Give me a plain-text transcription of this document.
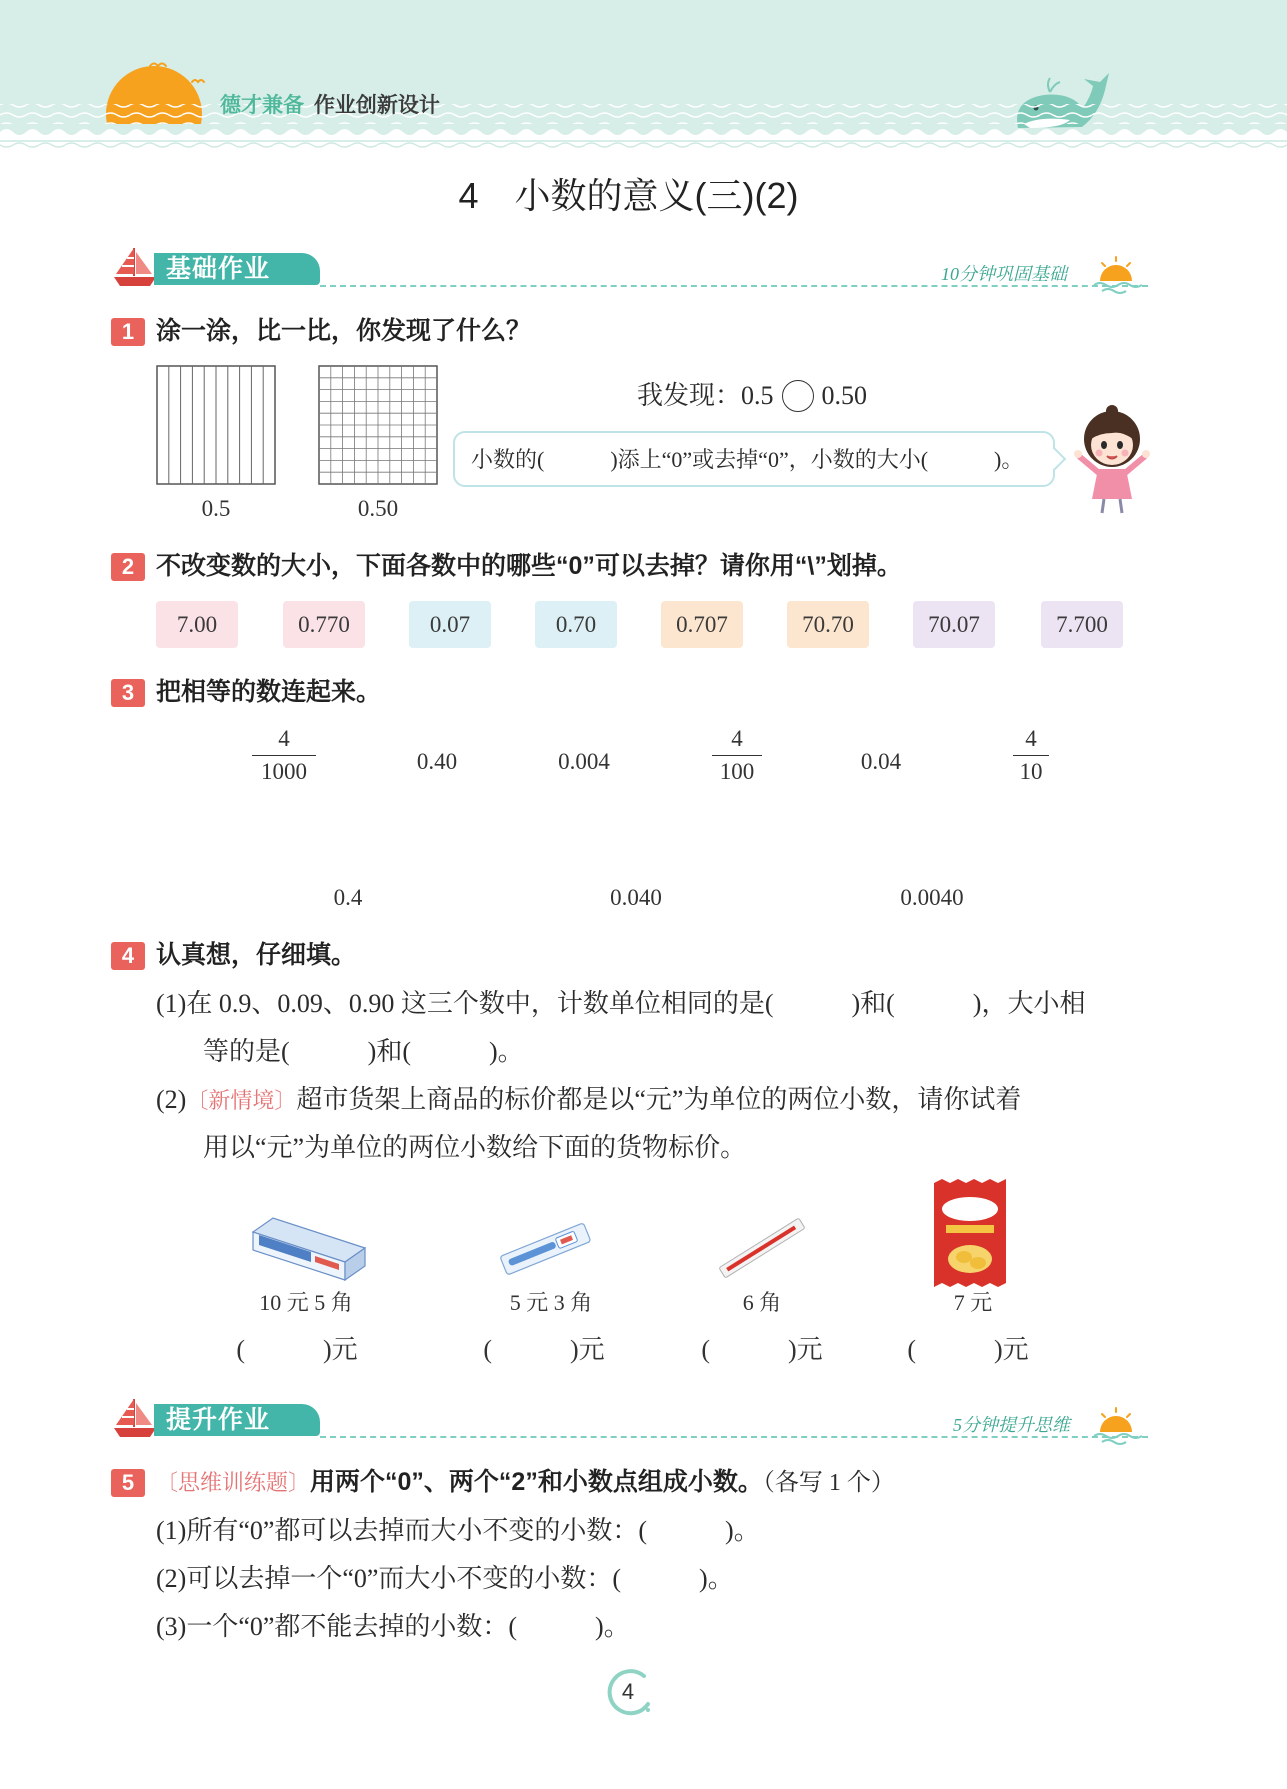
德才兼备 作业创新设计
4　小数的意义(三)(2)
基础作业	10分钟巩固基础
1 涂一涂，比一比，你发现了什么？
0.5	0.50
我发现：0.5 0.50
小数的(　　　)添上“0”或去掉“0”，小数的大小(　　　)。
2 不改变数的大小，下面各数中的哪些“0”可以去掉？请你用“\”划掉。
7.00	0.770	0.07	0.70	0.707	70.70	70.07	7.700
3 把相等的数连起来。
4
1000	0.40	0.004
4
100	0.04
4
10
0.4	0.040	0.0040
4 认真想，仔细填。
(1)在 0.9、0.09、0.90 这三个数中，计数单位相同的是(　　　)和(　　　)，大小相
等的是(　　　)和(　　　)。
(2)〔新情境〕超市货架上商品的标价都是以“元”为单位的两位小数，请你试着
用以“元”为单位的两位小数给下面的货物标价。
10 元 5 角	5 元 3 角	6 角	7 元
(　　　)元	(　　　)元	(　　　)元	(　　　)元
提升作业	5分钟提升思维
5 〔思维训练题〕用两个“0”、两个“2”和小数点组成小数。（各写 1 个）
(1)所有“0”都可以去掉而大小不变的小数：(　　　)。
(2)可以去掉一个“0”而大小不变的小数：(　　　)。
(3)一个“0”都不能去掉的小数：(　　　)。
4
